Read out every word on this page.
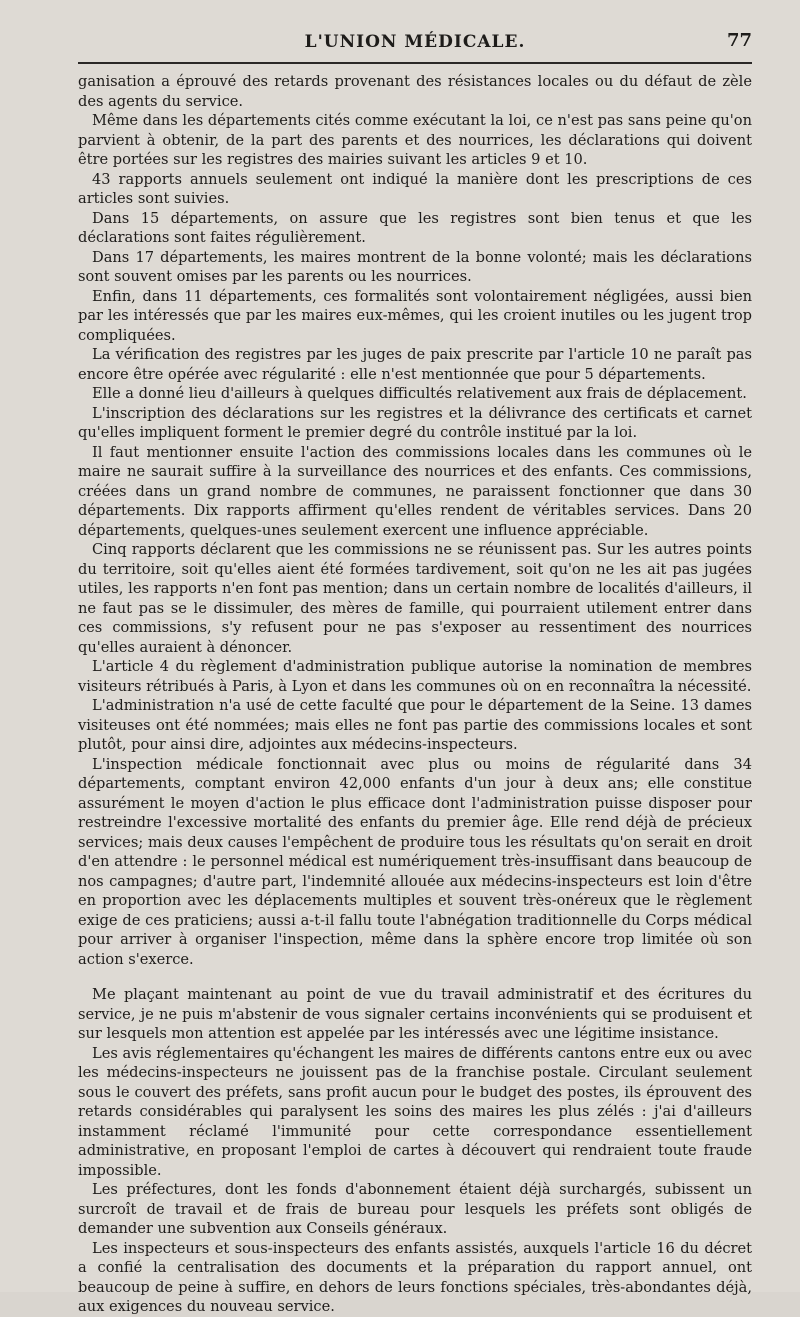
L'UNION MÉDICALE.	77

ganisation a éprouvé des retards provenant des résistances locales ou du défaut de zèle des agents du service.

Même dans les départements cités comme exécutant la loi, ce n'est pas sans peine qu'on parvient à obtenir, de la part des parents et des nourrices, les déclarations qui doivent être portées sur les registres des mairies suivant les articles 9 et 10.

43 rapports annuels seulement ont indiqué la manière dont les prescriptions de ces articles sont suivies.

Dans 15 départements, on assure que les registres sont bien tenus et que les déclarations sont faites régulièrement.

Dans 17 départements, les maires montrent de la bonne volonté; mais les déclarations sont souvent omises par les parents ou les nourrices.

Enfin, dans 11 départements, ces formalités sont volontairement négligées, aussi bien par les intéressés que par les maires eux-mêmes, qui les croient inutiles ou les jugent trop compliquées.

La vérification des registres par les juges de paix prescrite par l'article 10 ne paraît pas encore être opérée avec régularité : elle n'est mentionnée que pour 5 départements.

Elle a donné lieu d'ailleurs à quelques difficultés relativement aux frais de déplacement.

L'inscription des déclarations sur les registres et la délivrance des certificats et carnet qu'elles impliquent forment le premier degré du contrôle institué par la loi.

Il faut mentionner ensuite l'action des commissions locales dans les communes où le maire ne saurait suffire à la surveillance des nourrices et des enfants. Ces commissions, créées dans un grand nombre de communes, ne paraissent fonctionner que dans 30 départements. Dix rapports affirment qu'elles rendent de véritables services. Dans 20 départements, quelques-unes seulement exercent une influence appréciable.

Cinq rapports déclarent que les commissions ne se réunissent pas. Sur les autres points du territoire, soit qu'elles aient été formées tardivement, soit qu'on ne les ait pas jugées utiles, les rapports n'en font pas mention; dans un certain nombre de localités d'ailleurs, il ne faut pas se le dissimuler, des mères de famille, qui pourraient utilement entrer dans ces commissions, s'y refusent pour ne pas s'exposer au ressentiment des nourrices qu'elles auraient à dénoncer.

L'article 4 du règlement d'administration publique autorise la nomination de membres visiteurs rétribués à Paris, à Lyon et dans les communes où on en reconnaîtra la nécessité.

L'administration n'a usé de cette faculté que pour le département de la Seine. 13 dames visiteuses ont été nommées; mais elles ne font pas partie des commissions locales et sont plutôt, pour ainsi dire, adjointes aux médecins-inspecteurs.

L'inspection médicale fonctionnait avec plus ou moins de régularité dans 34 départements, comptant environ 42,000 enfants d'un jour à deux ans; elle constitue assurément le moyen d'action le plus efficace dont l'administration puisse disposer pour restreindre l'excessive mortalité des enfants du premier âge. Elle rend déjà de précieux services; mais deux causes l'empêchent de produire tous les résultats qu'on serait en droit d'en attendre : le personnel médical est numériquement très-insuffisant dans beaucoup de nos campagnes; d'autre part, l'indemnité allouée aux médecins-inspecteurs est loin d'être en proportion avec les déplacements multiples et souvent très-onéreux que le règlement exige de ces praticiens; aussi a-t-il fallu toute l'abnégation traditionnelle du Corps médical pour arriver à organiser l'inspection, même dans la sphère encore trop limitée où son action s'exerce.

Me plaçant maintenant au point de vue du travail administratif et des écritures du service, je ne puis m'abstenir de vous signaler certains inconvénients qui se produisent et sur lesquels mon attention est appelée par les intéressés avec une légitime insistance.

Les avis réglementaires qu'échangent les maires de différents cantons entre eux ou avec les médecins-inspecteurs ne jouissent pas de la franchise postale. Circulant seulement sous le couvert des préfets, sans profit aucun pour le budget des postes, ils éprouvent des retards considérables qui paralysent les soins des maires les plus zélés : j'ai d'ailleurs instamment réclamé l'immunité pour cette correspondance essentiellement administrative, en proposant l'emploi de cartes à découvert qui rendraient toute fraude impossible.

Les préfectures, dont les fonds d'abonnement étaient déjà surchargés, subissent un surcroît de travail et de frais de bureau pour lesquels les préfets sont obligés de demander une subvention aux Conseils généraux.

Les inspecteurs et sous-inspecteurs des enfants assistés, auxquels l'article 16 du décret a confié la centralisation des documents et la préparation du rapport annuel, ont beaucoup de peine à suffire, en dehors de leurs fonctions spéciales, très-abondantes déjà, aux exigences du nouveau service.
